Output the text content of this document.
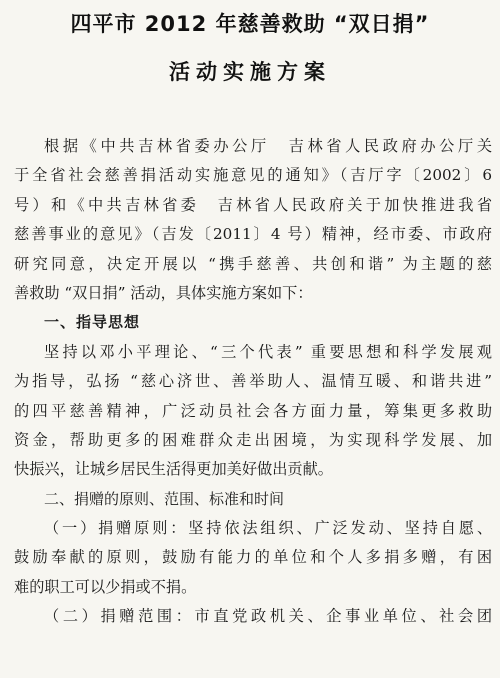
四平市 2012 年慈善救助 “双日捐”
活动实施方案
根据《中共吉林省委办公厅　吉林省人民政府办公厅关
于全省社会慈善捐活动实施意见的通知》（吉厅字〔2002〕6
号）和《中共吉林省委　吉林省人民政府关于加快推进我省
慈善事业的意见》（吉发〔2011〕4 号）精神，经市委、市政府
研究同意，决定开展以 “携手慈善、共创和谐” 为主题的慈
善救助 “双日捐” 活动，具体实施方案如下：
一、指导思想
坚持以邓小平理论、“三个代表” 重要思想和科学发展观
为指导，弘扬 “慈心济世、善举助人、温情互暖、和谐共进”
的四平慈善精神，广泛动员社会各方面力量，筹集更多救助
资金，帮助更多的困难群众走出困境，为实现科学发展、加
快振兴，让城乡居民生活得更加美好做出贡献。
二、捐赠的原则、范围、标准和时间
（一）捐赠原则：坚持依法组织、广泛发动、坚持自愿、
鼓励奉献的原则，鼓励有能力的单位和个人多捐多赠，有困
难的职工可以少捐或不捐。
（二）捐赠范围：市直党政机关、企事业单位、社会团
